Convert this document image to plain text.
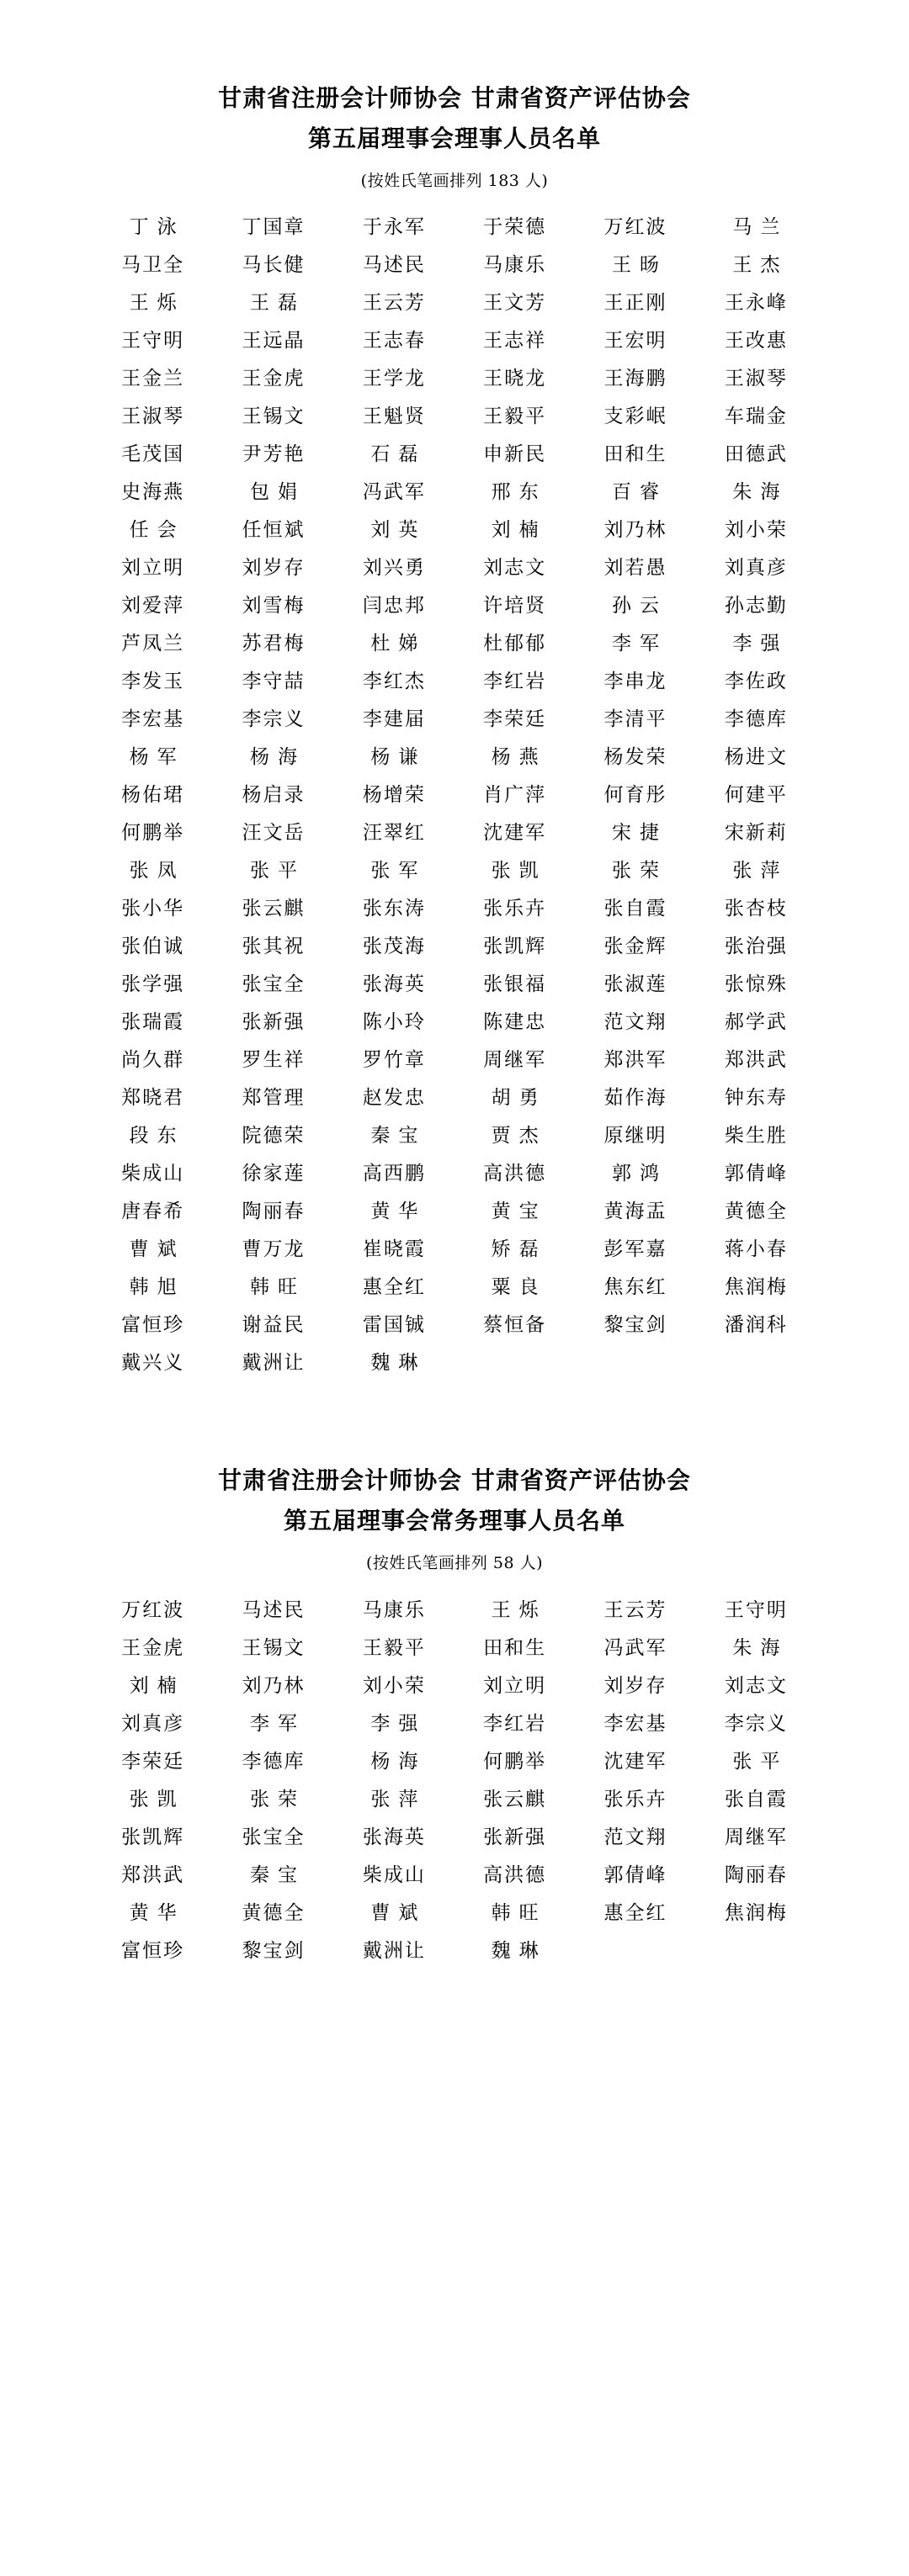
甘肃省注册会计师协会 甘肃省资产评估协会
第五届理事会理事人员名单
(按姓氏笔画排列 183 人)
丁泳	丁国章	于永军	于荣德	万红波	马兰
马卫全	马长健	马述民	马康乐	王旸	王杰
王烁	王磊	王云芳	王文芳	王正刚	王永峰
王守明	王远晶	王志春	王志祥	王宏明	王改惠
王金兰	王金虎	王学龙	王晓龙	王海鹏	王淑琴
王淑琴	王锡文	王魁贤	王毅平	支彩岷	车瑞金
毛茂国	尹芳艳	石磊	申新民	田和生	田德武
史海燕	包娟	冯武军	邢东	百睿	朱海
任会	任恒斌	刘英	刘楠	刘乃林	刘小荣
刘立明	刘岁存	刘兴勇	刘志文	刘若愚	刘真彦
刘爱萍	刘雪梅	闫忠邦	许培贤	孙云	孙志勤
芦凤兰	苏君梅	杜娣	杜郁郁	李军	李强
李发玉	李守喆	李红杰	李红岩	李串龙	李佐政
李宏基	李宗义	李建届	李荣廷	李清平	李德库
杨军	杨海	杨谦	杨燕	杨发荣	杨进文
杨佑珺	杨启录	杨增荣	肖广萍	何育彤	何建平
何鹏举	汪文岳	汪翠红	沈建军	宋捷	宋新莉
张凤	张平	张军	张凯	张荣	张萍
张小华	张云麒	张东涛	张乐卉	张自霞	张杏枝
张伯诚	张其祝	张茂海	张凯辉	张金辉	张治强
张学强	张宝全	张海英	张银福	张淑莲	张惊殊
张瑞霞	张新强	陈小玲	陈建忠	范文翔	郝学武
尚久群	罗生祥	罗竹章	周继军	郑洪军	郑洪武
郑晓君	郑管理	赵发忠	胡勇	茹作海	钟东寿
段东	院德荣	秦宝	贾杰	原继明	柴生胜
柴成山	徐家莲	高西鹏	高洪德	郭鸿	郭倩峰
唐春希	陶丽春	黄华	黄宝	黄海盂	黄德全
曹斌	曹万龙	崔晓霞	矫磊	彭军嘉	蒋小春
韩旭	韩旺	惠全红	粟良	焦东红	焦润梅
富恒珍	谢益民	雷国铖	蔡恒备	黎宝剑	潘润科
戴兴义	戴洲让	魏琳
甘肃省注册会计师协会 甘肃省资产评估协会
第五届理事会常务理事人员名单
(按姓氏笔画排列 58 人)
万红波	马述民	马康乐	王烁	王云芳	王守明
王金虎	王锡文	王毅平	田和生	冯武军	朱海
刘楠	刘乃林	刘小荣	刘立明	刘岁存	刘志文
刘真彦	李军	李强	李红岩	李宏基	李宗义
李荣廷	李德库	杨海	何鹏举	沈建军	张平
张凯	张荣	张萍	张云麒	张乐卉	张自霞
张凯辉	张宝全	张海英	张新强	范文翔	周继军
郑洪武	秦宝	柴成山	高洪德	郭倩峰	陶丽春
黄华	黄德全	曹斌	韩旺	惠全红	焦润梅
富恒珍	黎宝剑	戴洲让	魏琳
